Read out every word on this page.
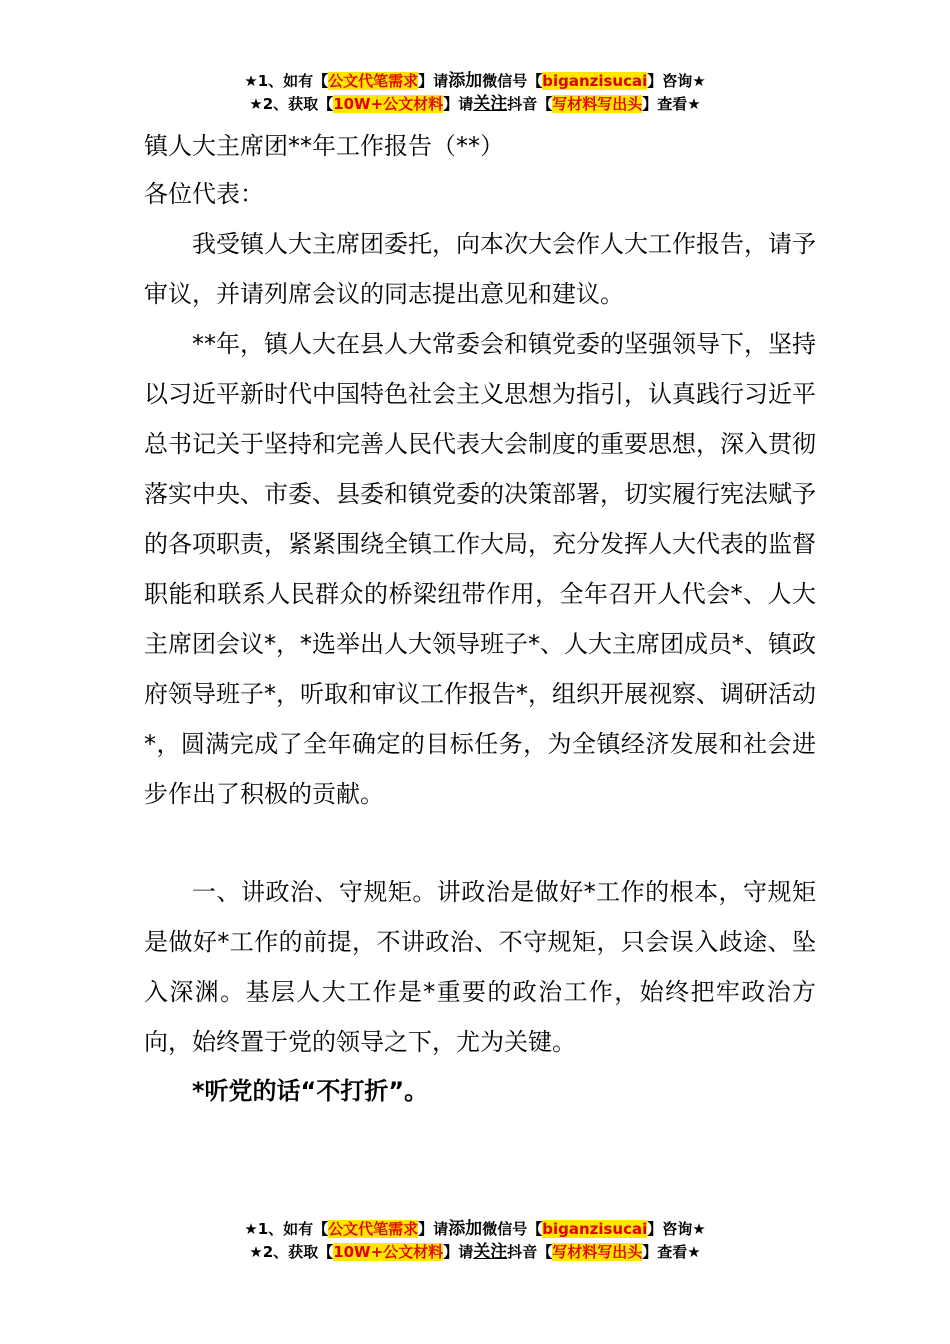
★1、如有【公文代笔需求】请添加微信号【biganzisucai】咨询★
★2、获取【10W+公文材料】请关注抖音【写材料写出头】查看★
镇人大主席团**年工作报告（**）
各位代表：

我受镇人大主席团委托，向本次大会作人大工作报告，请予审议，并请列席会议的同志提出意见和建议。

**年，镇人大在县人大常委会和镇党委的坚强领导下，坚持以习近平新时代中国特色社会主义思想为指引，认真践行习近平总书记关于坚持和完善人民代表大会制度的重要思想，深入贯彻落实中央、市委、县委和镇党委的决策部署，切实履行宪法赋予的各项职责，紧紧围绕全镇工作大局，充分发挥人大代表的监督职能和联系人民群众的桥梁纽带作用，全年召开人代会*、人大主席团会议*，*选举出人大领导班子*、人大主席团成员*、镇政府领导班子*，听取和审议工作报告*，组织开展视察、调研活动*，圆满完成了全年确定的目标任务，为全镇经济发展和社会进步作出了积极的贡献。

一、讲政治、守规矩。讲政治是做好*工作的根本，守规矩是做好*工作的前提，不讲政治、不守规矩，只会误入歧途、坠入深渊。基层人大工作是*重要的政治工作，始终把牢政治方向，始终置于党的领导之下，尤为关键。

*听党的话“不打折”。
★1、如有【公文代笔需求】请添加微信号【biganzisucai】咨询★
★2、获取【10W+公文材料】请关注抖音【写材料写出头】查看★
